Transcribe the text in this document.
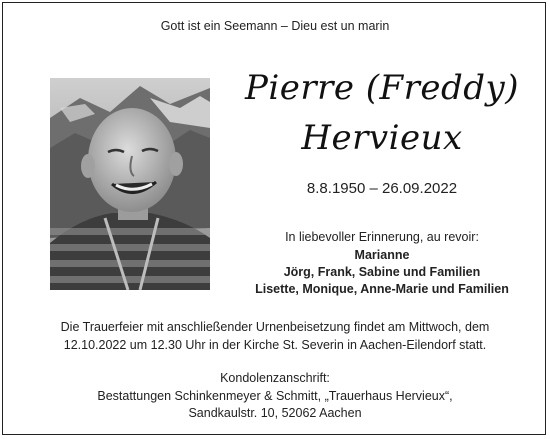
Gott ist ein Seemann – Dieu est un marin
Pierre (Freddy)
Hervieux
8.8.1950 – 26.09.2022
In liebevoller Erinnerung, au revoir:
Marianne
Jörg, Frank, Sabine und Familien
Lisette, Monique, Anne-Marie und Familien
Die Trauerfeier mit anschließender Urnenbeisetzung findet am Mittwoch, dem
12.10.2022 um 12.30 Uhr in der Kirche St. Severin in Aachen-Eilendorf statt.
Kondolenzanschrift:
Bestattungen Schinkenmeyer & Schmitt, „Trauerhaus Hervieux“,
Sandkaulstr. 10, 52062 Aachen
